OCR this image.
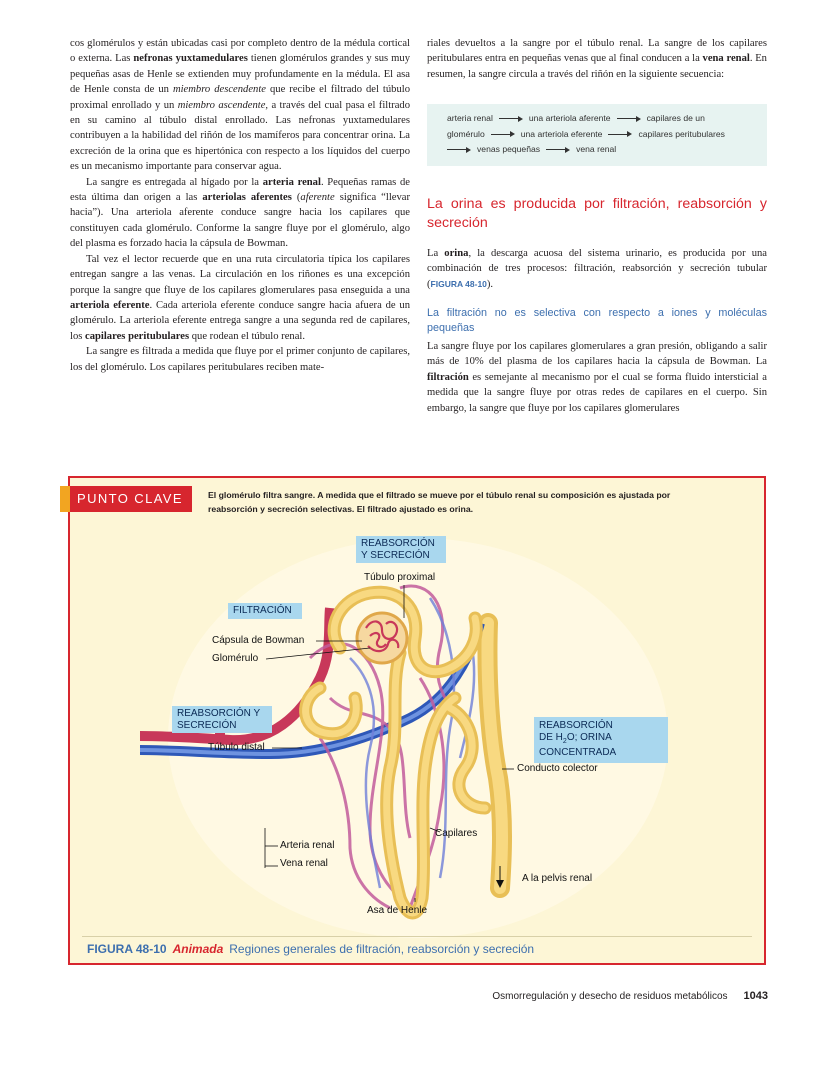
cos glomérulos y están ubicadas casi por completo dentro de la médula cortical o externa. Las nefronas yuxtamedulares tienen glomérulos grandes y sus muy pequeñas asas de Henle se extienden muy profundamente en la médula. El asa de Henle consta de un miembro descendente que recibe el filtrado del túbulo proximal enrollado y un miembro ascendente, a través del cual pasa el filtrado en su camino al túbulo distal enrollado. Las nefronas yuxtamedulares contribuyen a la habilidad del riñón de los mamíferos para concentrar orina. La excreción de la orina que es hipertónica con respecto a los líquidos del cuerpo es un mecanismo importante para conservar agua.

La sangre es entregada al hígado por la arteria renal. Pequeñas ramas de esta última dan origen a las arteriolas aferentes (aferente significa “llevar hacia”). Una arteriola aferente conduce sangre hacia los capilares que constituyen cada glomérulo. Conforme la sangre fluye por el glomérulo, algo del plasma es forzado hacia la cápsula de Bowman.

Tal vez el lector recuerde que en una ruta circulatoria típica los capilares entregan sangre a las venas. La circulación en los riñones es una excepción porque la sangre que fluye de los capilares glomerulares pasa enseguida a una arteriola eferente. Cada arteriola eferente conduce sangre hacia afuera de un glomérulo. La arteriola eferente entrega sangre a una segunda red de capilares, los capilares peritubulares que rodean el túbulo renal.

La sangre es filtrada a medida que fluye por el primer conjunto de capilares, los del glomérulo. Los capilares peritubulares reciben mate-

riales devueltos a la sangre por el túbulo renal. La sangre de los capilares peritubulares entra en pequeñas venas que al final conducen a la vena renal. En resumen, la sangre circula a través del riñón en la siguiente secuencia:

arteria renal	una arteriola aferente	capilares de un
glomérulo	una arteriola eferente	capilares peritubulares
venas pequeñas	vena renal
La orina es producida por filtración, reabsorción y secreción

La orina, la descarga acuosa del sistema urinario, es producida por una combinación de tres procesos: filtración, reabsorción y secreción tubular (FIGURA 48-10).

La filtración no es selectiva con respecto a iones y moléculas pequeñas

La sangre fluye por los capilares glomerulares a gran presión, obligando a salir más de 10% del plasma de los capilares hacia la cápsula de Bowman. La filtración es semejante al mecanismo por el cual se forma fluido intersticial a medida que la sangre fluye por otras redes de capilares en el cuerpo. Sin embargo, la sangre que fluye por los capilares glomerulares

PUNTO CLAVE	El glomérulo filtra sangre. A medida que el filtrado se mueve por el túbulo renal su composición es ajustada por reabsorción y secreción selectivas. El filtrado ajustado es orina.
REABSORCIÓN
Y SECRECIÓN
FILTRACIÓN
REABSORCIÓN Y
SECRECIÓN	REABSORCIÓN
DE $H_2O$; ORINA
CONCENTRADA
Túbulo proximal
Cápsula de Bowman
Glomérulo
Túbulo distal
Conducto colector
Capilares
Arteria renal
Vena renal
A la pelvis renal
Asa de Henle
FIGURA 48-10 Animada Regiones generales de filtración, reabsorción y secreción
Osmorregulación y desecho de residuos metabólicos 1043
